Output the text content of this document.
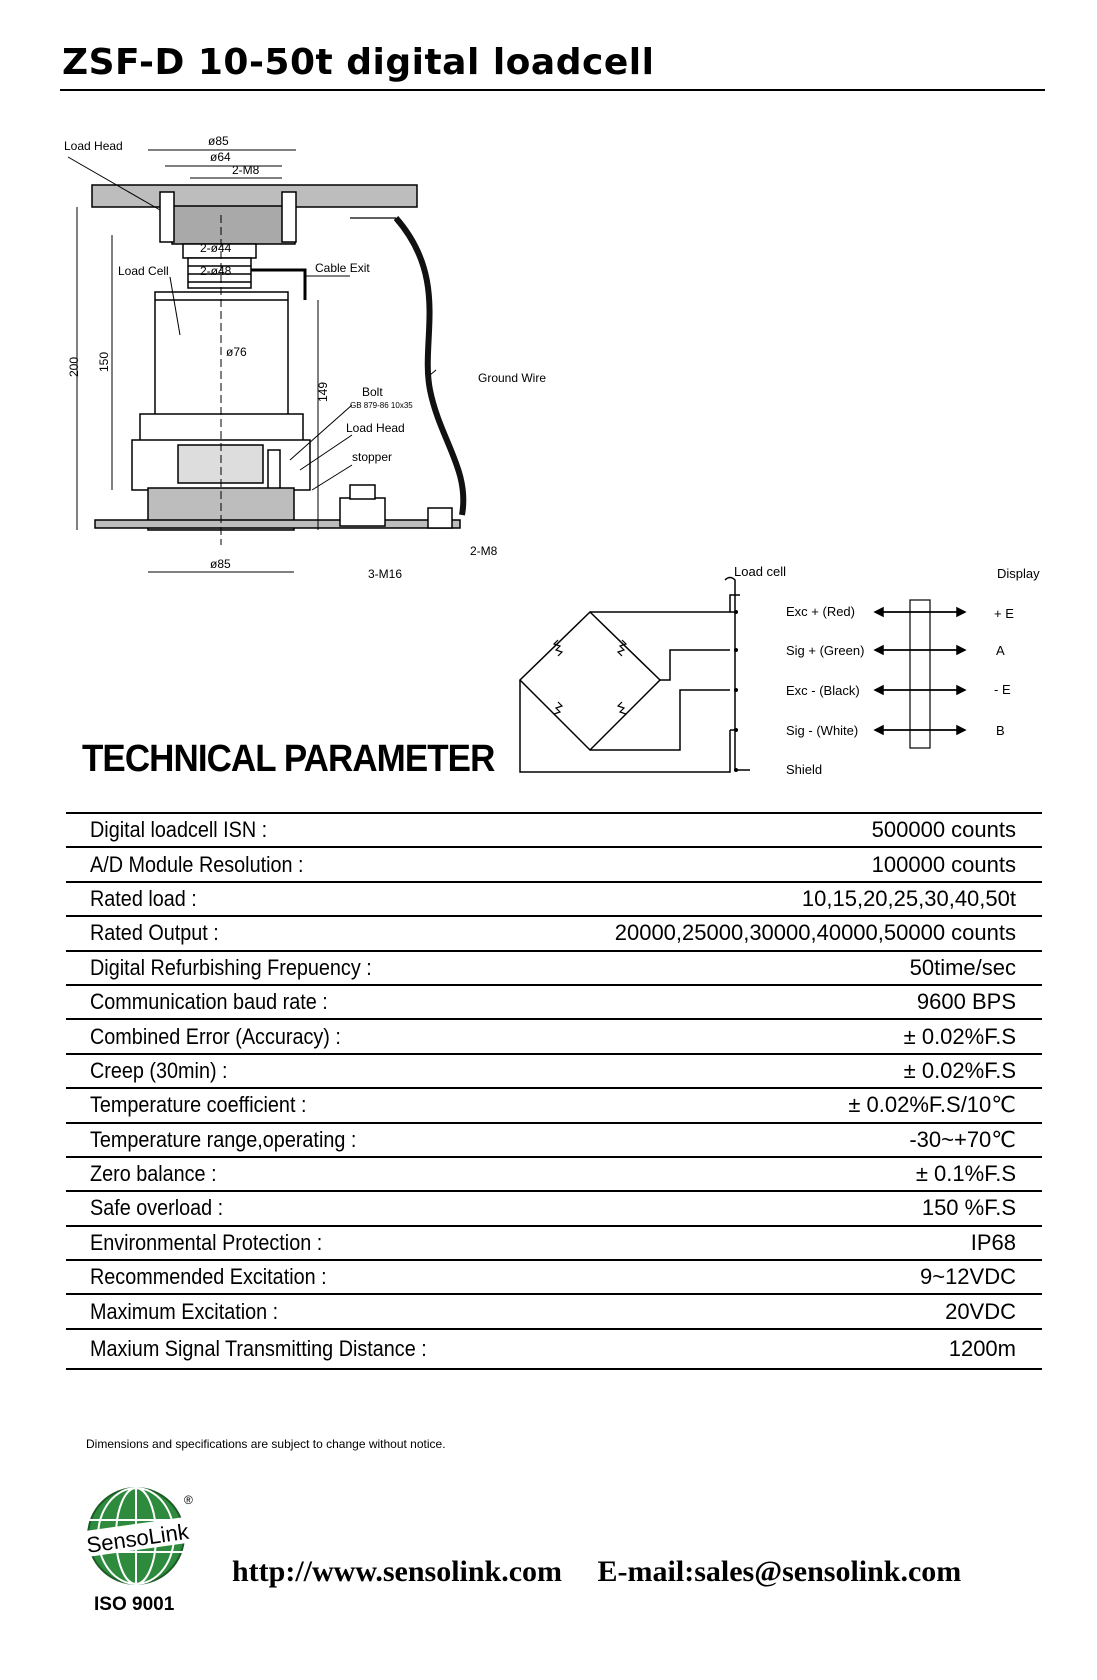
ZSF-D 10-50t digital loadcell
Load Head	ø85
ø64
2-M8
2-ø44
2-ø48
Load Cell	Cable Exit
Ground Wire
200 150
149
ø76
Bolt
GB 879-86 10x35
Load Head
stopper
ø85
3-M16
2-M8
Load cell	Display
Exc + (Red)
Sig + (Green)
Exc - (Black)
Sig - (White)
Shield
+ E
A
- E
B
TECHNICAL PARAMETER
Digital loadcell ISN :	500000 counts
A/D Module Resolution :	100000 counts
Rated load :	10,15,20,25,30,40,50t
Rated Output :	20000,25000,30000,40000,50000 counts
Digital Refurbishing Frepuency :	50time/sec
Communication baud rate :	9600 BPS
Combined Error (Accuracy) :	± 0.02%F.S
Creep (30min) :	± 0.02%F.S
Temperature coefficient :	± 0.02%F.S/10℃
Temperature range,operating :	-30~+70℃
Zero balance :	± 0.1%F.S
Safe overload :	150 %F.S
Environmental Protection :	IP68
Recommended Excitation :	9~12VDC
Maximum Excitation :	20VDC
Maxium Signal Transmitting Distance :	1200m
Dimensions and specifications are subject to change without notice.
SensoLink
®
ISO 9001
http://www.sensolink.com E-mail:sales@sensolink.com
